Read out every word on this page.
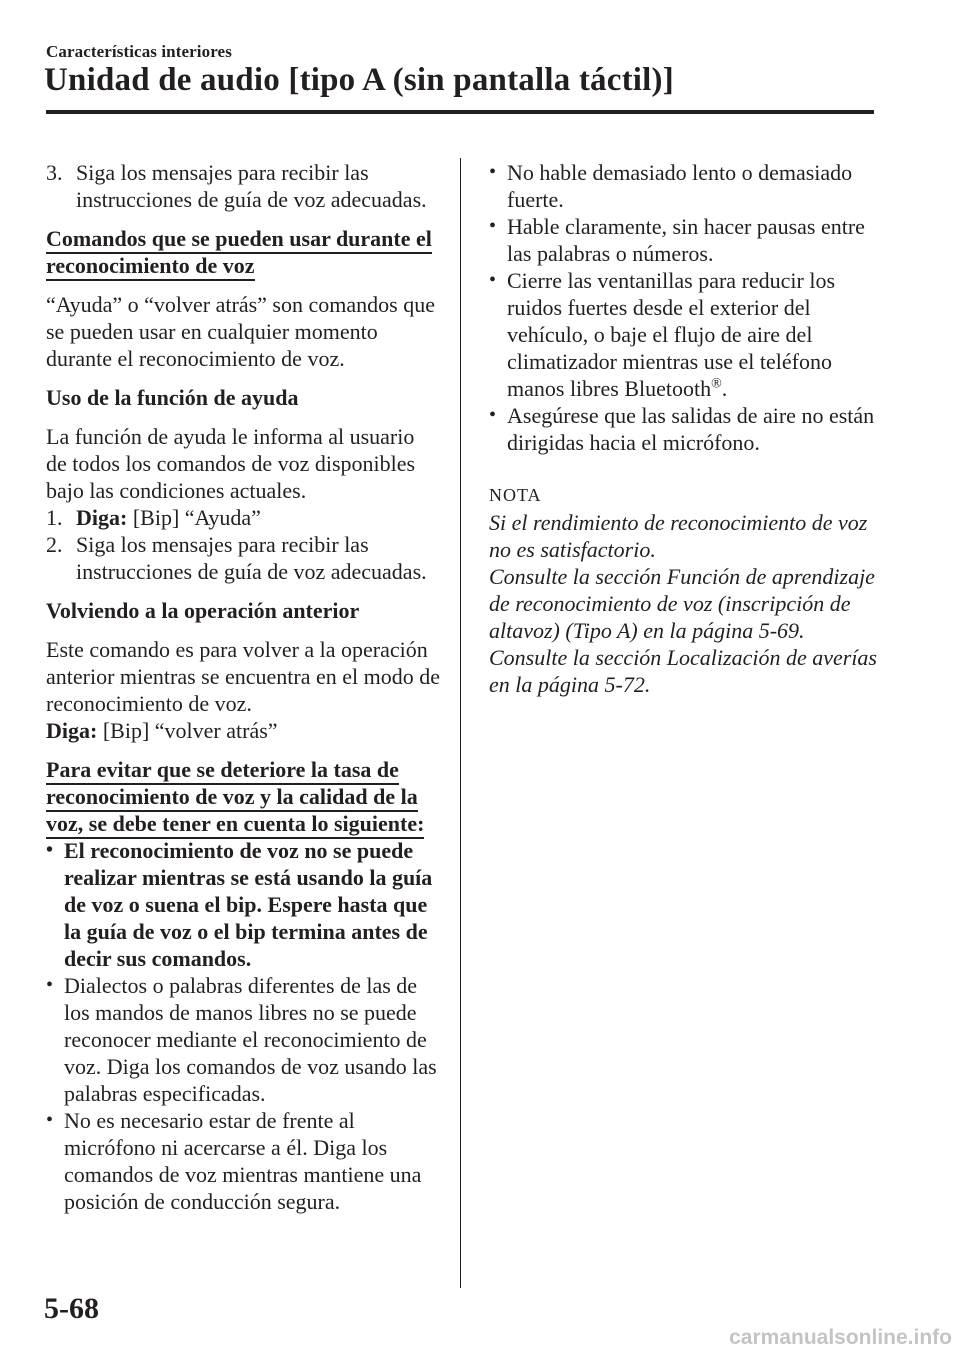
Características interiores
Unidad de audio [tipo A (sin pantalla táctil)]
3. Siga los mensajes para recibir las instrucciones de guía de voz adecuadas.
Comandos que se pueden usar durante el reconocimiento de voz

“Ayuda” o “volver atrás” son comandos que se pueden usar en cualquier momento durante el reconocimiento de voz.

Uso de la función de ayuda

La función de ayuda le informa al usuario de todos los comandos de voz disponibles bajo las condiciones actuales.

1. Diga: [Bip] “Ayuda”
2. Siga los mensajes para recibir las instrucciones de guía de voz adecuadas.

Volviendo a la operación anterior

Este comando es para volver a la operación anterior mientras se encuentra en el modo de reconocimiento de voz.

Diga: [Bip] “volver atrás”

Para evitar que se deteriore la tasa de reconocimiento de voz y la calidad de la voz, se debe tener en cuenta lo siguiente:
• El reconocimiento de voz no se puede realizar mientras se está usando la guía de voz o suena el bip. Espere hasta que la guía de voz o el bip termina antes de decir sus comandos.
• Dialectos o palabras diferentes de las de los mandos de manos libres no se puede reconocer mediante el reconocimiento de voz. Diga los comandos de voz usando las palabras especificadas.
• No es necesario estar de frente al micrófono ni acercarse a él. Diga los comandos de voz mientras mantiene una posición de conducción segura.
• No hable demasiado lento o demasiado fuerte.
• Hable claramente, sin hacer pausas entre las palabras o números.
• Cierre las ventanillas para reducir los ruidos fuertes desde el exterior del vehículo, o baje el flujo de aire del climatizador mientras use el teléfono manos libres Bluetooth®.
• Asegúrese que las salidas de aire no están dirigidas hacia el micrófono.

NOTA

Si el rendimiento de reconocimiento de voz no es satisfactorio.

Consulte la sección Función de aprendizaje de reconocimiento de voz (inscripción de altavoz) (Tipo A) en la página 5-69.

Consulte la sección Localización de averías en la página 5-72.

5-68
carmanualsonline.info
